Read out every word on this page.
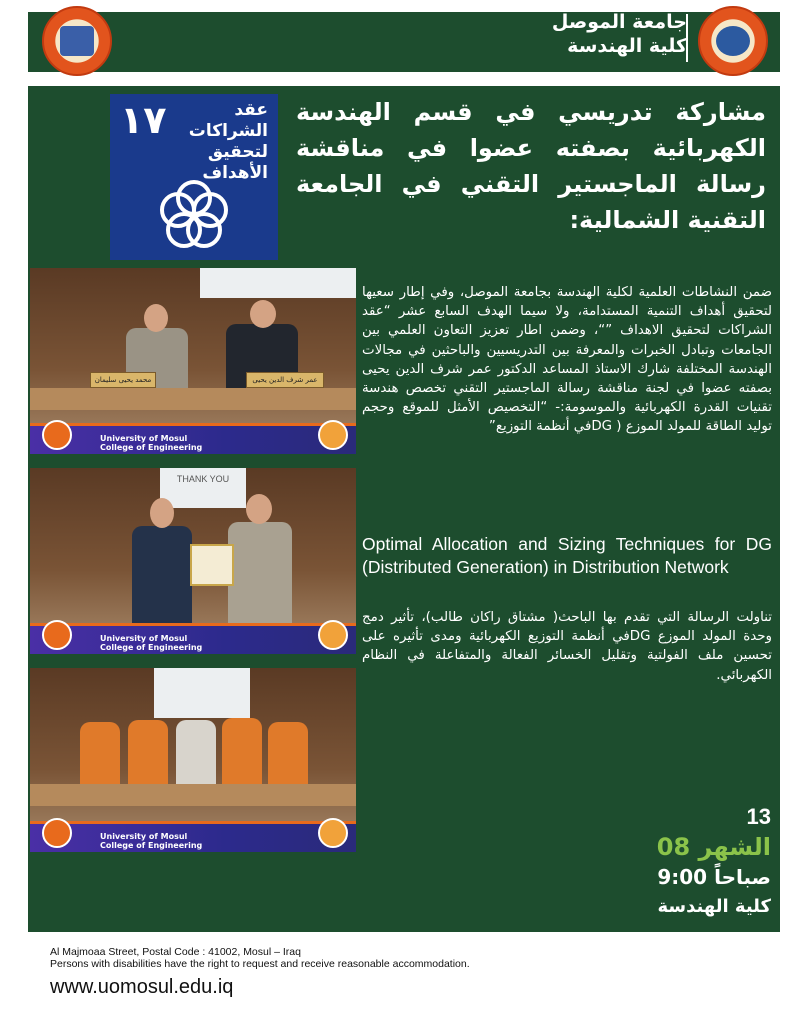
جامعة الموصل
كلية الهندسة
١٧	عقد الشراكات لتحقيق الأهداف
مشاركة تدريسي في قسم الهندسة الكهربائية بصفته عضوا في مناقشة رسالة الماجستير التقني في الجامعة التقنية الشمالية:
محمد يحيى سليمان	عمر شرف الدين يحيى
University of Mosul
College of Engineering
THANK YOU
University of Mosul
College of Engineering
University of Mosul
College of Engineering

ضمن النشاطات العلمية لكلية الهندسة بجامعة الموصل، وفي إطار سعيها لتحقيق أهداف التنمية المستدامة، ولا سيما الهدف السابع عشر “عقد الشراكات لتحقيق الاهداف ”“، وضمن اطار تعزيز التعاون العلمي بين الجامعات وتبادل الخبرات والمعرفة بين التدريسيين والباحثين في مجالات الهندسة المختلفة شارك الاستاذ المساعد الدكتور عمر شرف الدين يحيى بصفته عضوا في لجنة مناقشة رسالة الماجستير التقني تخصص هندسة تقنيات القدرة الكهربائية والموسومة:- “التخصيص الأمثل للموقع وحجم توليد الطاقة للمولد الموزع ( DGفي أنظمة التوزيع”

Optimal Allocation and Sizing Techniques for DG (Distributed Generation) in Distribution Network

تناولت الرسالة التي تقدم بها الباحث( مشتاق راكان طالب)، تأثير دمج وحدة المولد الموزع DGفي أنظمة التوزيع الكهربائية ومدى تأثيره على تحسين ملف الفولتية وتقليل الخسائر الفعالة والمتفاعلة في النظام الكهربائي.

13
الشهر 08
9:00 صباحاً
كلية الهندسة
Al Majmoaa Street, Postal Code : 41002, Mosul – Iraq
Persons with disabilities have the right to request and receive reasonable accommodation.
www.uomosul.edu.iq
